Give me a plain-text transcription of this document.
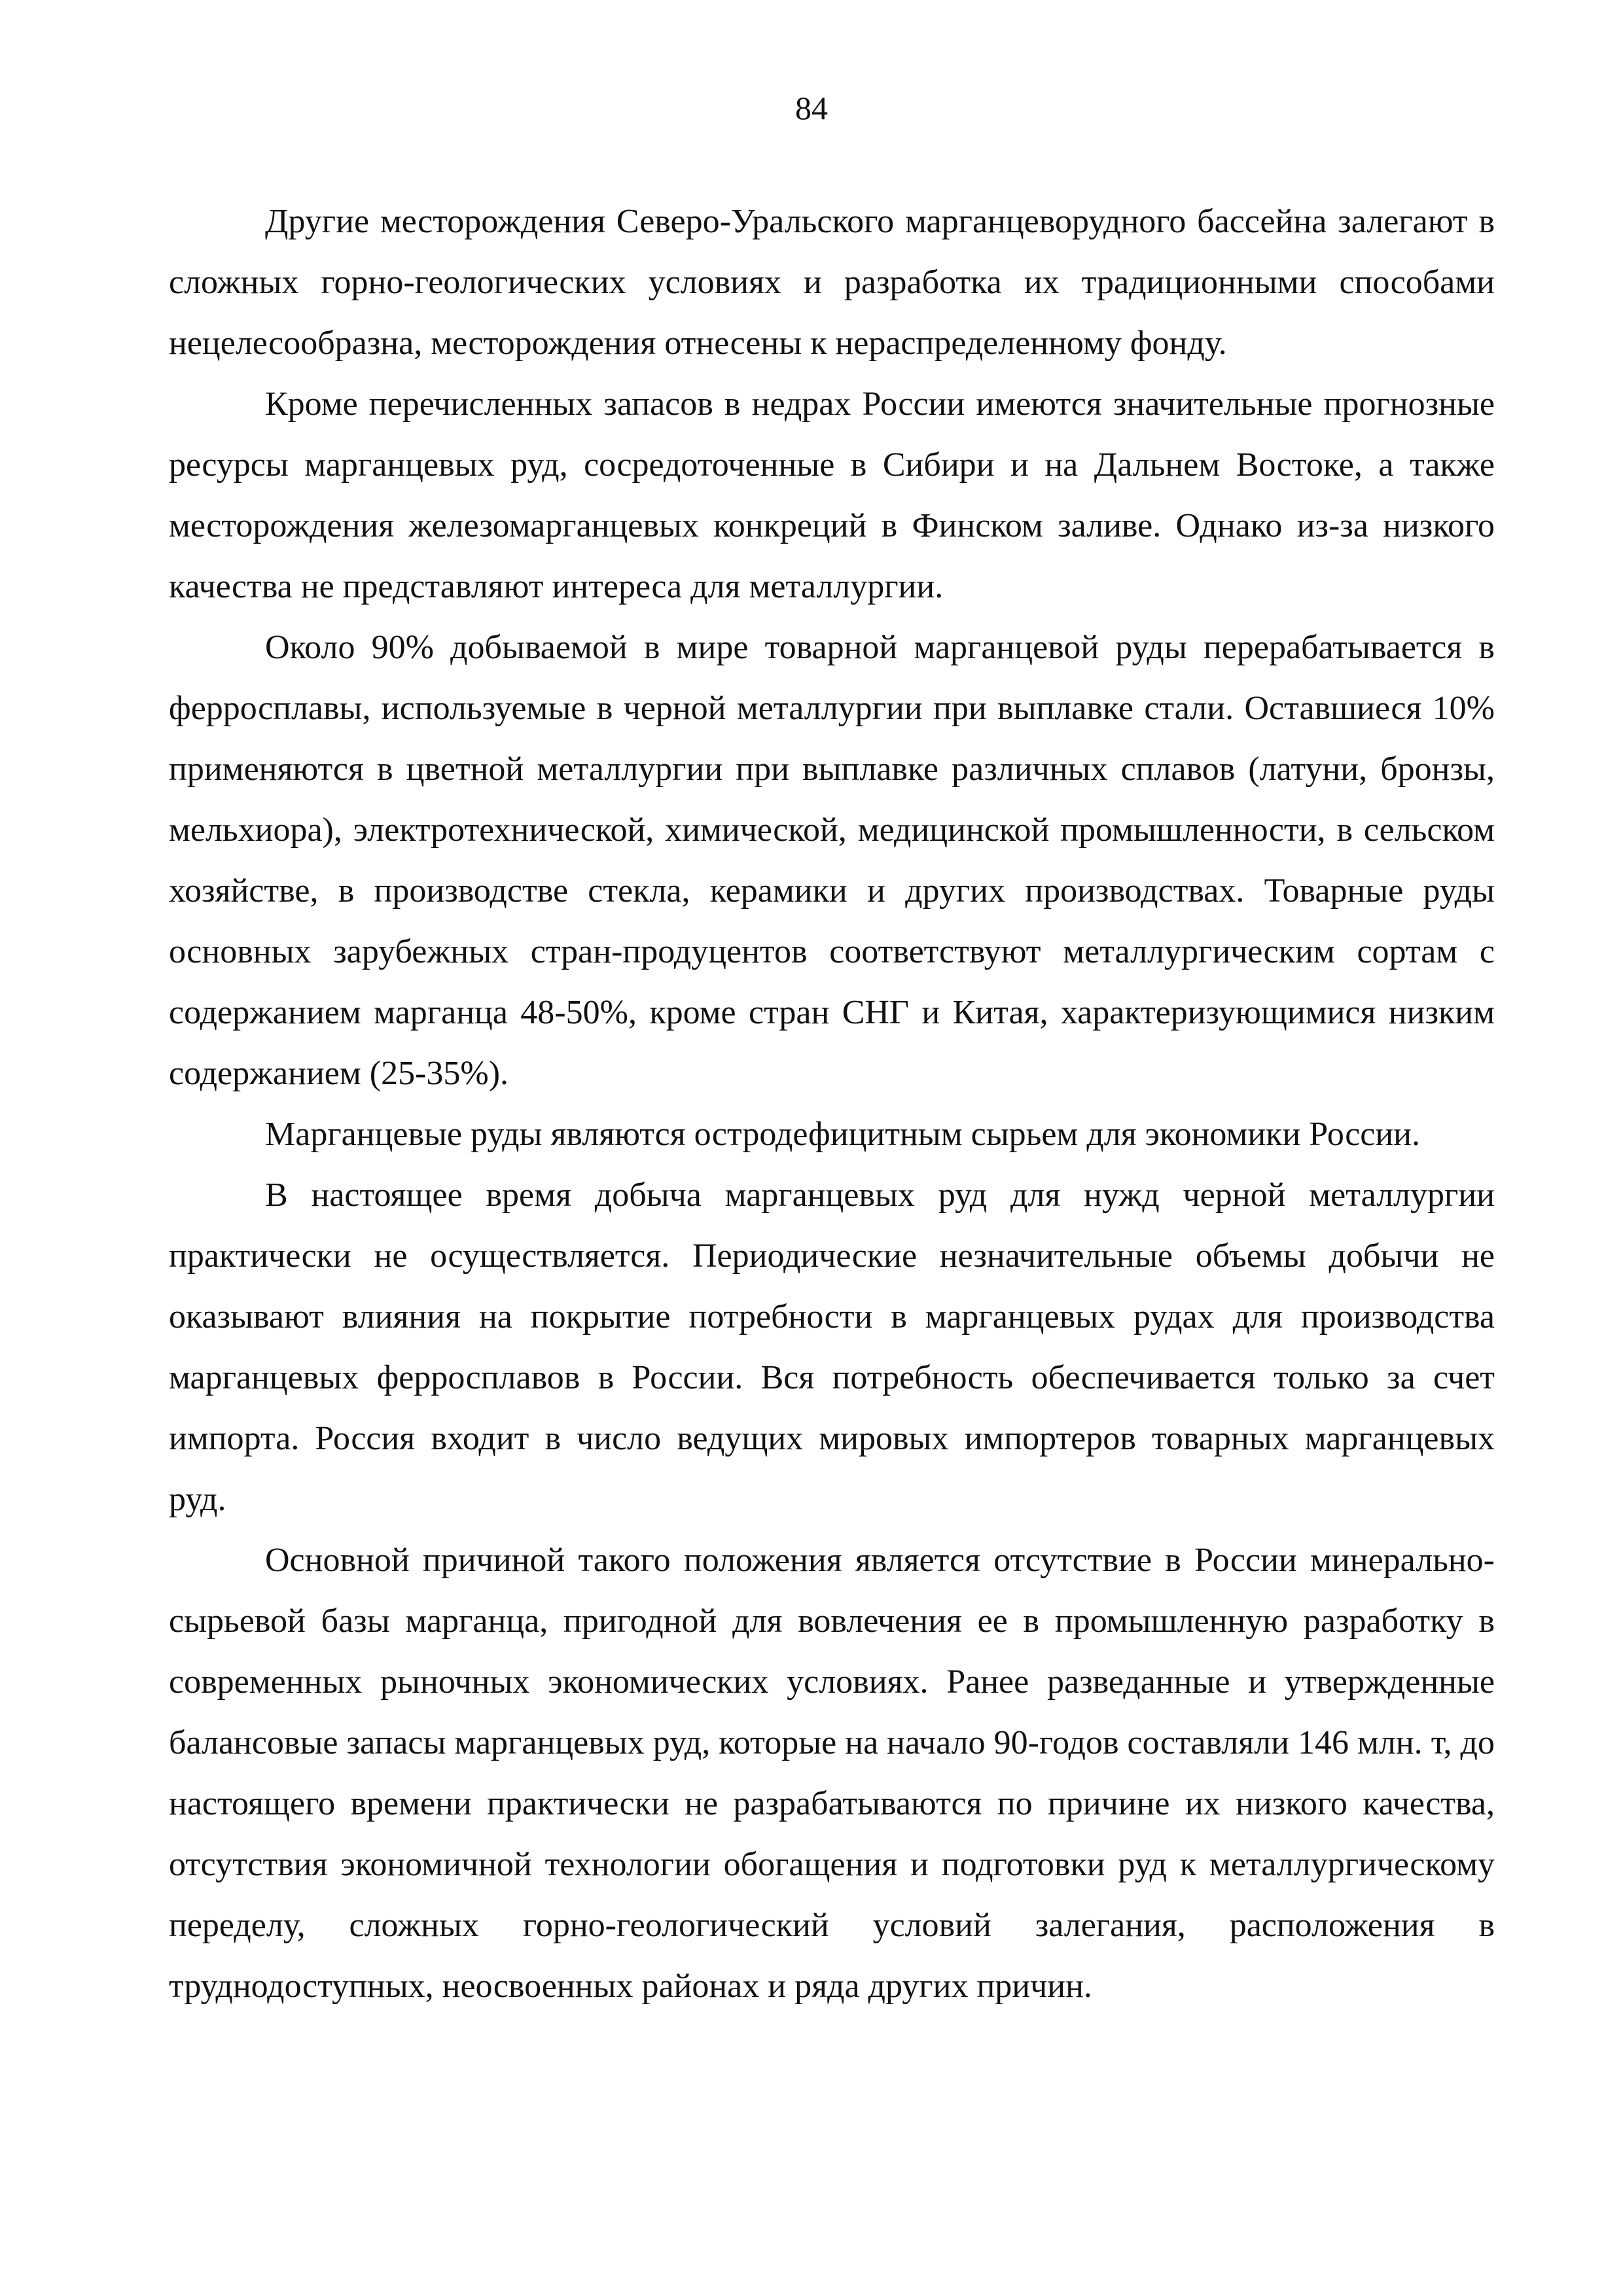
84

Другие месторождения Северо-Уральского марганцеворудного бассейна залегают в сложных горно-геологических условиях и разработка их традиционными способами нецелесообразна, месторождения отнесены к нераспределенному фонду.

Кроме перечисленных запасов в недрах России имеются значительные прогнозные ресурсы марганцевых руд, сосредоточенные в Сибири и на Дальнем Востоке, а также месторождения железомарганцевых конкреций в Финском заливе. Однако из-за низкого качества не представляют интереса для металлургии.

Около 90% добываемой в мире товарной марганцевой руды перерабатывается в ферросплавы, используемые в черной металлургии при выплавке стали. Оставшиеся 10% применяются в цветной металлургии при выплавке различных сплавов (латуни, бронзы, мельхиора), электротехнической, химической, медицинской промышленности, в сельском хозяйстве, в производстве стекла, керамики и других производствах. Товарные руды основных зарубежных стран-продуцентов соответствуют металлургическим сортам с содержанием марганца 48-50%, кроме стран СНГ и Китая, характеризующимися низким содержанием (25-35%).

Марганцевые руды являются остродефицитным сырьем для экономики России.

В настоящее время добыча марганцевых руд для нужд черной металлургии практически не осуществляется. Периодические незначительные объемы добычи не оказывают влияния на покрытие потребности в марганцевых рудах для производства марганцевых ферросплавов в России. Вся потребность обеспечивается только за счет импорта. Россия входит в число ведущих мировых импортеров товарных марганцевых руд.

Основной причиной такого положения является отсутствие в России минерально-сырьевой базы марганца, пригодной для вовлечения ее в промышленную разработку в современных рыночных экономических условиях. Ранее разведанные и утвержденные балансовые запасы марганцевых руд, которые на начало 90-годов составляли 146 млн. т, до настоящего времени практически не разрабатываются по причине их низкого качества, отсутствия экономичной технологии обогащения и подготовки руд к металлургическому переделу, сложных горно-геологический условий залегания, расположения в труднодоступных, неосвоенных районах и ряда других причин.
